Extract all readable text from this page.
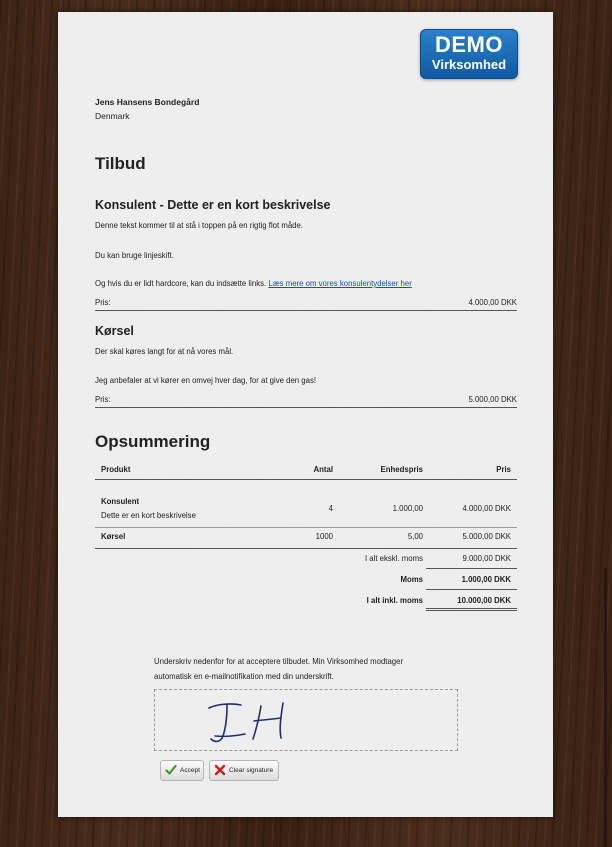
DEMO
Virksomhed
Jens Hansens Bondegård
Denmark
Tilbud
Konsulent - Dette er en kort beskrivelse
Denne tekst kommer til at stå i toppen på en rigtig flot måde.
Du kan bruge linjeskift.
Og hvis du er lidt hardcore, kan du indsætte links. Læs mere om vores konsulentydelser her
Pris:	4.000,00 DKK
Kørsel
Der skal køres langt for at nå vores mål.
Jeg anbefaler at vi kører en omvej hver dag, for at give den gas!
Pris:	5.000,00 DKK
Opsummering
Produkt	Antal	Enhedspris	Pris
Konsulent
Dette er en kort beskrivelse
4	1.000,00	4.000,00 DKK
Kørsel	1000	5,00	5.000,00 DKK
I alt ekskl. moms	9.000,00 DKK
Moms	1.000,00 DKK
I alt inkl. moms	10.000,00 DKK
Underskriv nedenfor for at acceptere tilbudet. Min Virksomhed modtager
automatisk en e-mailnotifikation med din underskrift.
Accept	Clear signature
